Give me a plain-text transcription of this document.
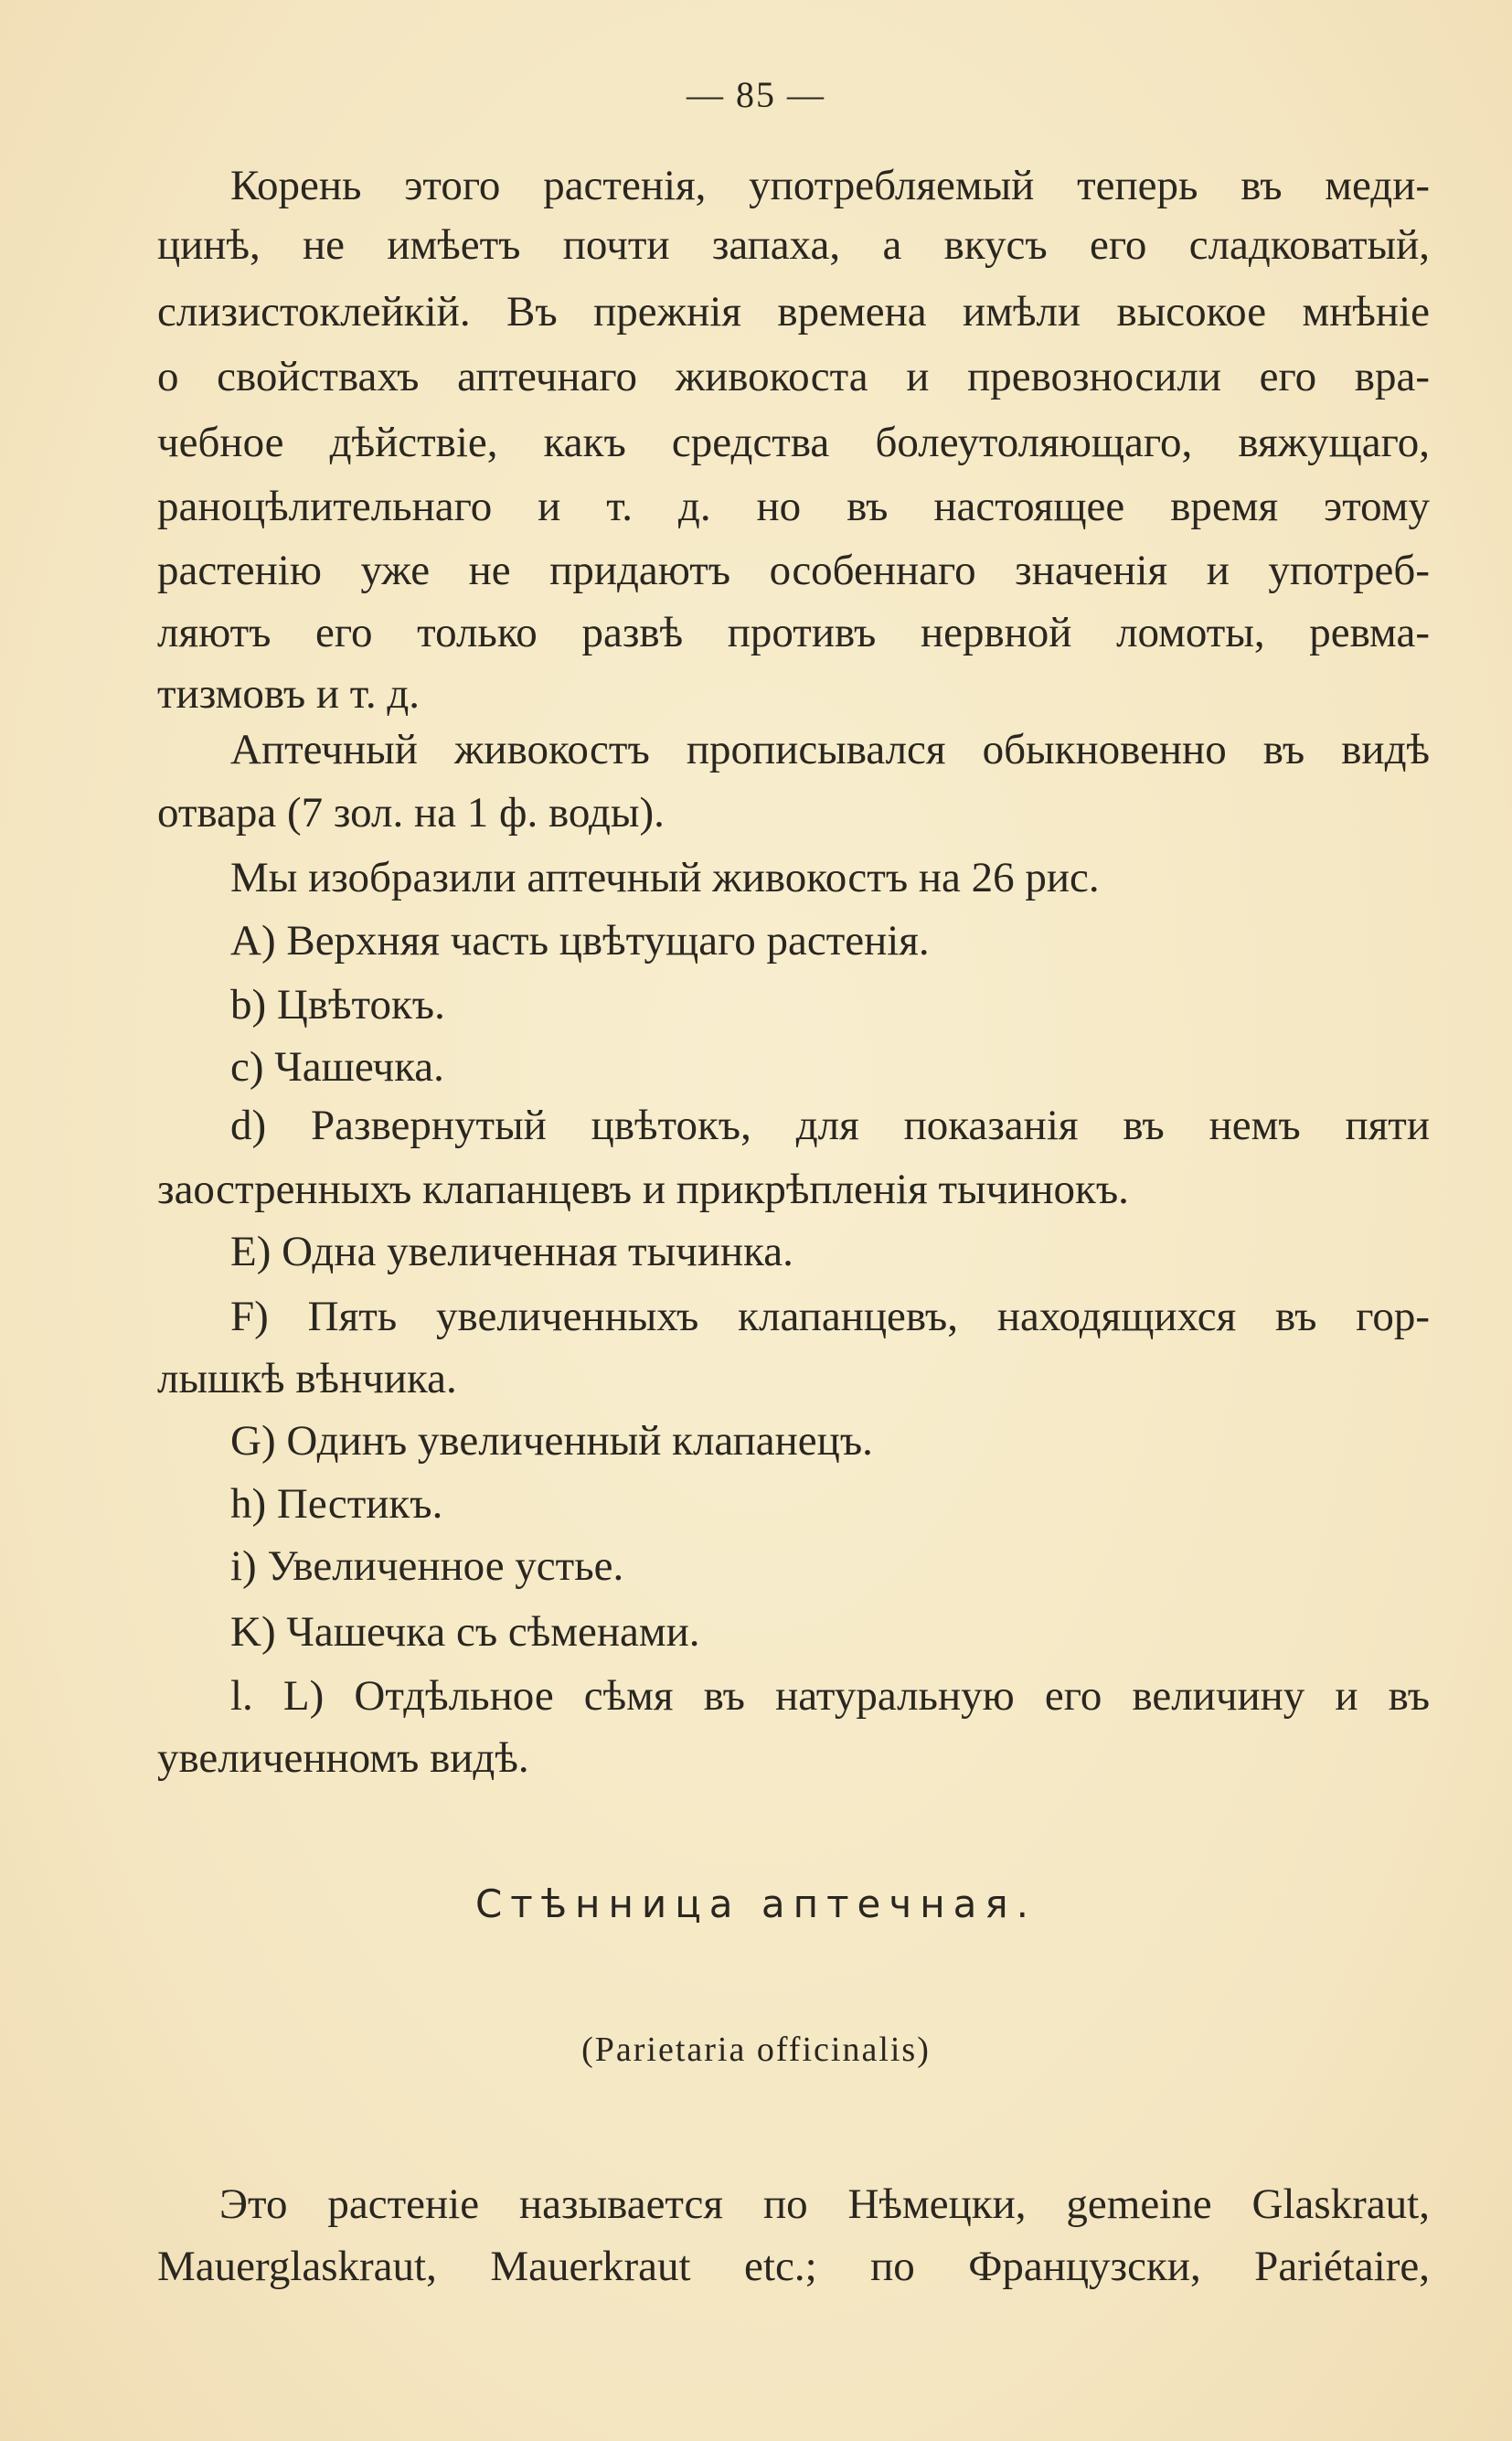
— 85 —
Корень этого растенія, употребляемый теперь въ меди-
цинѣ, не имѣетъ почти запаха, а вкусъ его сладковатый,
слизистоклейкій. Въ прежнія времена имѣли высокое мнѣніе
о свойствахъ аптечнаго живокоста и превозносили его вра-
чебное дѣйствіе, какъ средства болеутоляющаго, вяжущаго,
раноцѣлительнаго и т. д. но въ настоящее время этому
растенію уже не придаютъ особеннаго значенія и употреб-
ляютъ его только развѣ противъ нервной ломоты, ревма-
тизмовъ и т. д.
Аптечный живокостъ прописывался обыкновенно въ видѣ
отвара (7 зол. на 1 ф. воды).
Мы изобразили аптечный живокостъ на 26 рис.
А) Верхняя часть цвѣтущаго растенія.
b) Цвѣтокъ.
c) Чашечка.
d) Развернутый цвѣтокъ, для показанія въ немъ пяти
заостренныхъ клапанцевъ и прикрѣпленія тычинокъ.
E) Одна увеличенная тычинка.
F) Пять увеличенныхъ клапанцевъ, находящихся въ гор-
лышкѣ вѣнчика.
G) Одинъ увеличенный клапанецъ.
h) Пестикъ.
i) Увеличенное устье.
K) Чашечка съ сѣменами.
l. L) Отдѣльное сѣмя въ натуральную его величину и въ
увеличенномъ видѣ.
Стѣнница аптечная.
(Parietaria officinalis)
Это растеніе называется по Нѣмецки, gemeine Glaskraut,
Mauerglaskraut, Mauerkraut etc.; по Французски, Pariétaire,
